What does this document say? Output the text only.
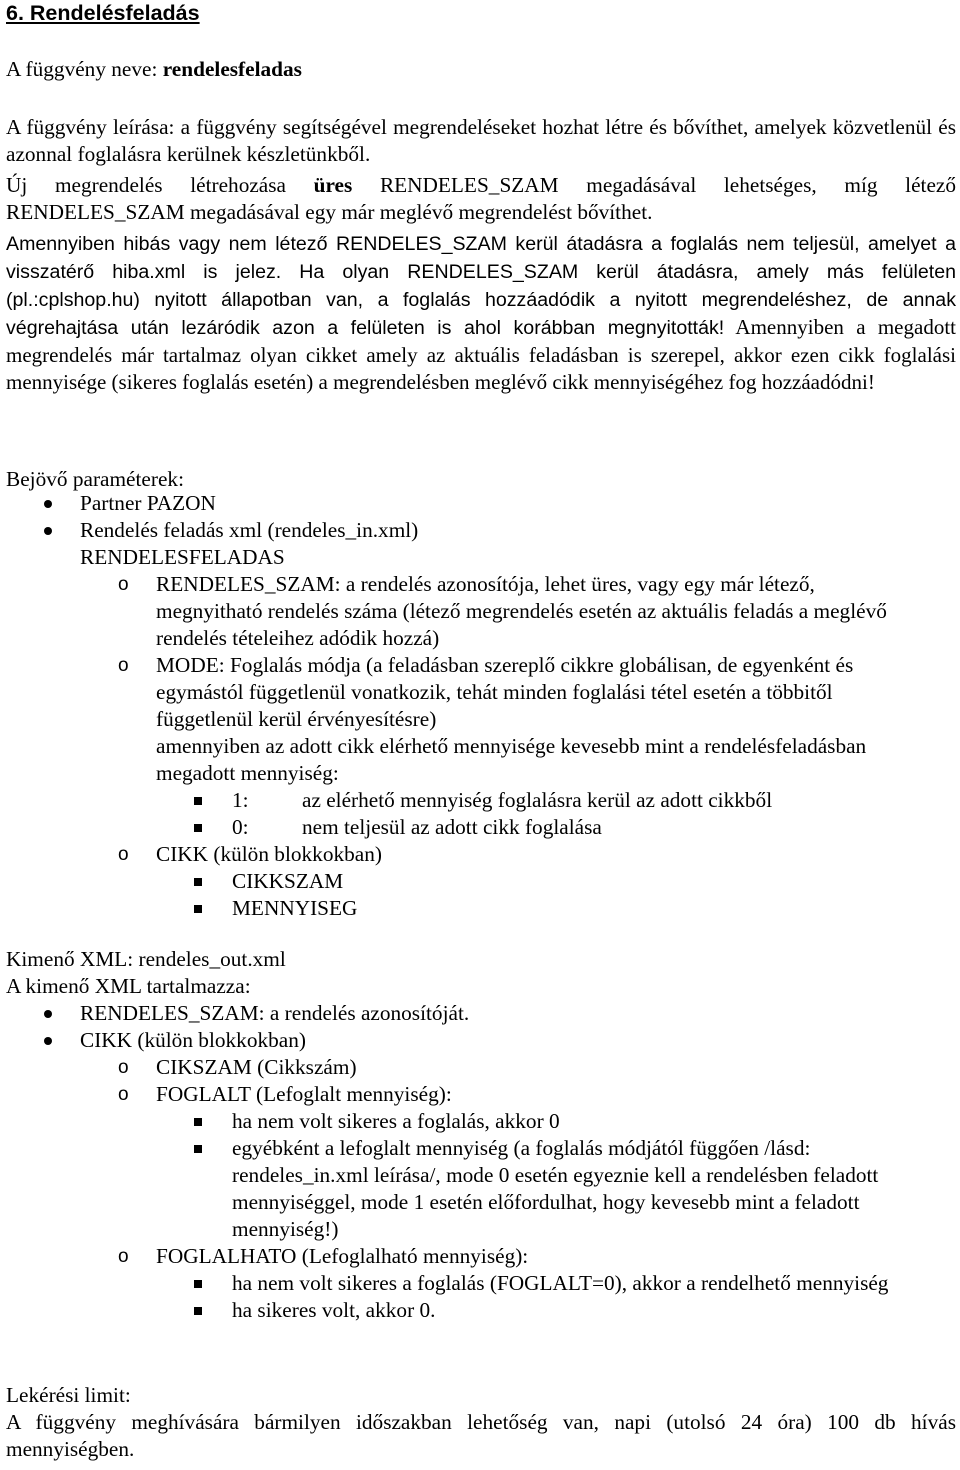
6. Rendelésfeladás

A függvény neve: rendelesfeladas

A függvény leírása: a függvény segítségével megrendeléseket hozhat létre és bővíthet, amelyek közvetlenül és azonnal foglalásra kerülnek készletünkből.

Új megrendelés létrehozása üres RENDELES_SZAM megadásával lehetséges, míg létező RENDELES_SZAM megadásával egy már meglévő megrendelést bővíthet.

Amennyiben hibás vagy nem létező RENDELES_SZAM kerül átadásra a foglalás nem teljesül, amelyet a visszatérő hiba.xml is jelez. Ha olyan RENDELES_SZAM kerül átadásra, amely más felületen (pl.:cplshop.hu) nyitott állapotban van, a foglalás hozzáadódik a nyitott megrendeléshez, de annak végrehajtása után lezáródik azon a felületen is ahol korábban megnyitották! Amennyiben a megadott megrendelés már tartalmaz olyan cikket amely az aktuális feladásban is szerepel, akkor ezen cikk foglalási mennyisége (sikeres foglalás esetén) a megrendelésben meglévő cikk mennyiségéhez fog hozzáadódni!

Bejövő paraméterek:

Partner PAZON
Rendelés feladás xml (rendeles_in.xml)
RENDELESFELADAS
o RENDELES_SZAM: a rendelés azonosítója, lehet üres, vagy egy már létező,
megnyitható rendelés száma (létező megrendelés esetén az aktuális feladás a meglévő
rendelés tételeihez adódik hozzá)
o MODE: Foglalás módja (a feladásban szereplő cikkre globálisan, de egyenként és
egymástól függetlenül vonatkozik, tehát minden foglalási tétel esetén a többitől
függetlenül kerül érvényesítésre)
amennyiben az adott cikk elérhető mennyisége kevesebb mint a rendelésfeladásban
megadott mennyiség:
1:	az elérhető mennyiség foglalásra kerül az adott cikkből
0:	nem teljesül az adott cikk foglalása
o CIKK (külön blokkokban)
CIKKSZAM
MENNYISEG
Kimenő XML: rendeles_out.xml
A kimenő XML tartalmazza:
RENDELES_SZAM: a rendelés azonosítóját.
CIKK (külön blokkokban)
o CIKSZAM (Cikkszám)
o FOGLALT (Lefoglalt mennyiség):
ha nem volt sikeres a foglalás, akkor 0
egyébként a lefoglalt mennyiség (a foglalás módjától függően /lásd:
rendeles_in.xml leírása/, mode 0 esetén egyeznie kell a rendelésben feladott
mennyiséggel, mode 1 esetén előfordulhat, hogy kevesebb mint a feladott
mennyiség!)
o FOGLALHATO (Lefoglalható mennyiség):
ha nem volt sikeres a foglalás (FOGLALT=0), akkor a rendelhető mennyiség
ha sikeres volt, akkor 0.
Lekérési limit:

A függvény meghívására bármilyen időszakban lehetőség van, napi (utolsó 24 óra) 100 db hívás mennyiségben.
